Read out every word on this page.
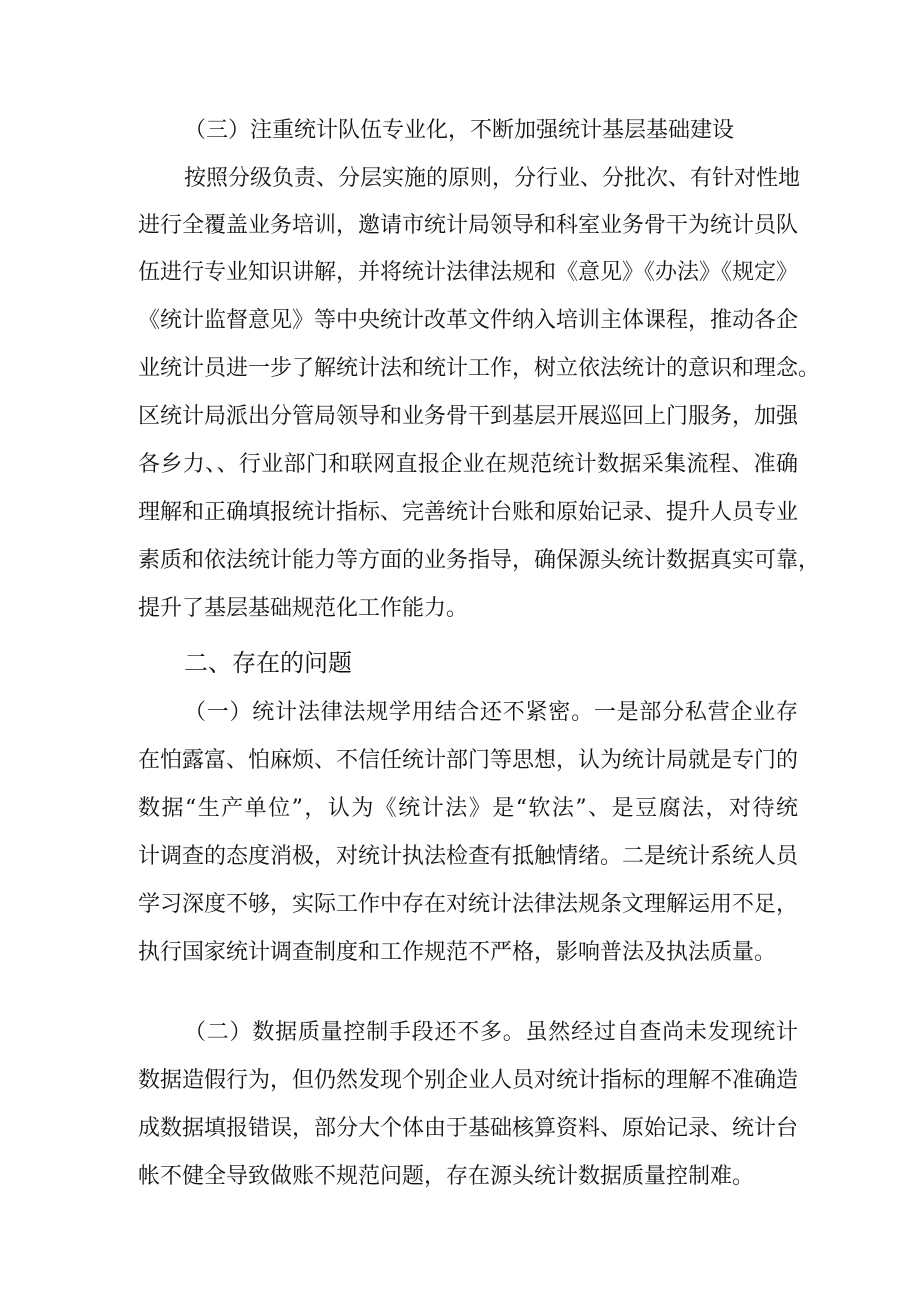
（三）注重统计队伍专业化，不断加强统计基层基础建设
按照分级负责、分层实施的原则，分行业、分批次、有针对性地
进行全覆盖业务培训，邀请市统计局领导和科室业务骨干为统计员队
伍进行专业知识讲解，并将统计法律法规和《意见》《办法》《规定》
《统计监督意见》等中央统计改革文件纳入培训主体课程，推动各企
业统计员进一步了解统计法和统计工作，树立依法统计的意识和理念。
区统计局派出分管局领导和业务骨干到基层开展巡回上门服务，加强
各乡力、、行业部门和联网直报企业在规范统计数据采集流程、准确
理解和正确填报统计指标、完善统计台账和原始记录、提升人员专业
素质和依法统计能力等方面的业务指导，确保源头统计数据真实可靠，
提升了基层基础规范化工作能力。
二、存在的问题
（一）统计法律法规学用结合还不紧密。一是部分私营企业存
在怕露富、怕麻烦、不信任统计部门等思想，认为统计局就是专门的
数据“生产单位”，认为《统计法》是“软法”、是豆腐法，对待统
计调查的态度消极，对统计执法检查有抵触情绪。二是统计系统人员
学习深度不够，实际工作中存在对统计法律法规条文理解运用不足，
执行国家统计调查制度和工作规范不严格，影响普法及执法质量。
（二）数据质量控制手段还不多。虽然经过自查尚未发现统计
数据造假行为，但仍然发现个别企业人员对统计指标的理解不准确造
成数据填报错误，部分大个体由于基础核算资料、原始记录、统计台
帐不健全导致做账不规范问题，存在源头统计数据质量控制难。
